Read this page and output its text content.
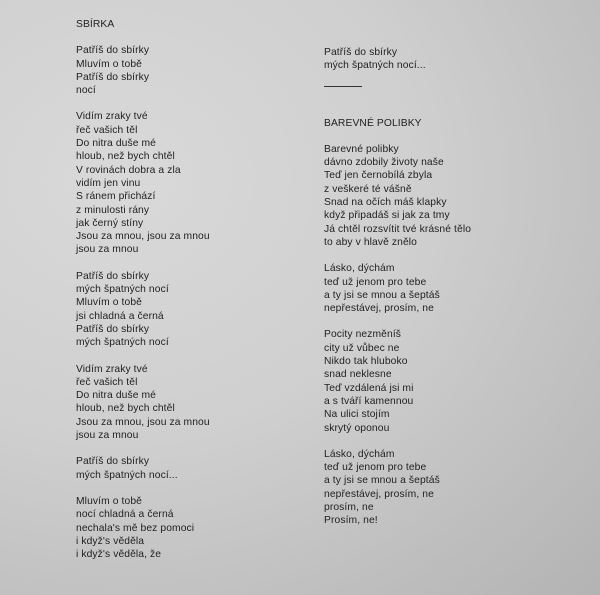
SBÍRKA
Patříš do sbírky
Mluvím o tobě
Patříš do sbírky
nocí
Vidím zraky tvé
řeč vašich těl
Do nitra duše mé
hloub, než bych chtěl
V rovinách dobra a zla
vidím jen vinu
S ránem přichází
z minulosti rány
jak černý stíny
Jsou za mnou, jsou za mnou
jsou za mnou
Patříš do sbírky
mých špatných nocí
Mluvím o tobě
jsi chladná a černá
Patříš do sbírky
mých špatných nocí
Vidím zraky tvé
řeč vašich těl
Do nitra duše mé
hloub, než bych chtěl
Jsou za mnou, jsou za mnou
jsou za mnou
Patříš do sbírky
mých špatných nocí...
Mluvím o tobě
nocí chladná a černá
nechala's mě bez pomoci
i když's věděla
i když's věděla, že
Patříš do sbírky
mých špatných nocí...
BAREVNÉ POLIBKY
Barevné polibky
dávno zdobily životy naše
Teď jen černobílá zbyla
z veškeré té vášně
Snad na očích máš klapky
když připadáš si jak za tmy
Já chtěl rozsvítit tvé krásné tělo
to aby v hlavě znělo
Lásko, dýchám
teď už jenom pro tebe
a ty jsi se mnou a šeptáš
nepřestávej, prosím, ne
Pocity nezměníš
city už vůbec ne
Nikdo tak hluboko
snad neklesne
Teď vzdálená jsi mi
a s tváří kamennou
Na ulici stojím
skrytý oponou
Lásko, dýchám
teď už jenom pro tebe
a ty jsi se mnou a šeptáš
nepřestávej, prosím, ne
prosím, ne
Prosím, ne!
